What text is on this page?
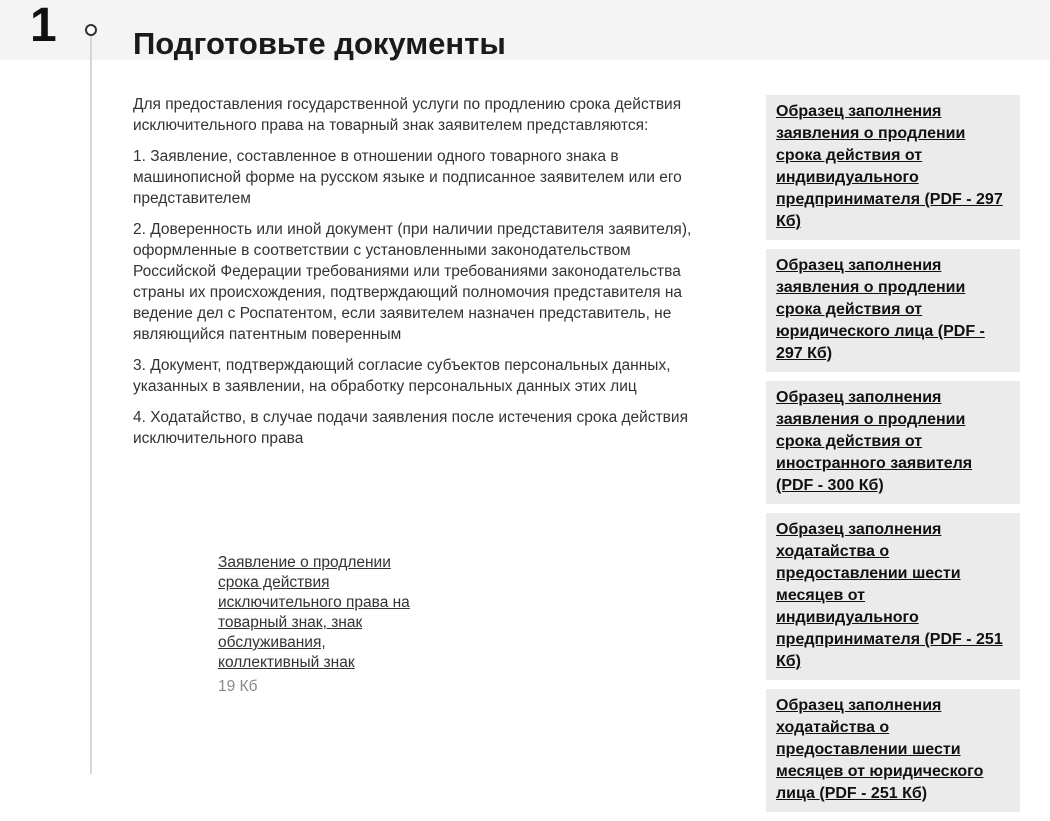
1 Подготовьте документы

Для предоставления государственной услуги по продлению срока действия исключительного права на товарный знак заявителем представляются:

1. Заявление, составленное в отношении одного товарного знака в машинописной форме на русском языке и подписанное заявителем или его представителем

2. Доверенность или иной документ (при наличии представителя заявителя), оформленные в соответствии с установленными законодательством Российской Федерации требованиями или требованиями законодательства страны их происхождения, подтверждающий полномочия представителя на ведение дел с Роспатентом, если заявителем назначен представитель, не являющийся патентным поверенным

3. Документ, подтверждающий согласие субъектов персональных данных, указанных в заявлении, на обработку персональных данных этих лиц

4. Ходатайство, в случае подачи заявления после истечения срока действия исключительного права

Заявление о продлении срока действия исключительного права на товарный знак, знак обслуживания, коллективный знак
19 Кб
Образец заполнения заявления о продлении срока действия от индивидуального предпринимателя (PDF - 297 Кб)
Образец заполнения заявления о продлении срока действия от юридического лица (PDF - 297 Кб)
Образец заполнения заявления о продлении срока действия от иностранного заявителя (PDF - 300 Кб)
Образец заполнения ходатайства о предоставлении шести месяцев от индивидуального предпринимателя (PDF - 251 Кб)
Образец заполнения ходатайства о предоставлении шести месяцев от юридического лица (PDF - 251 Кб)
